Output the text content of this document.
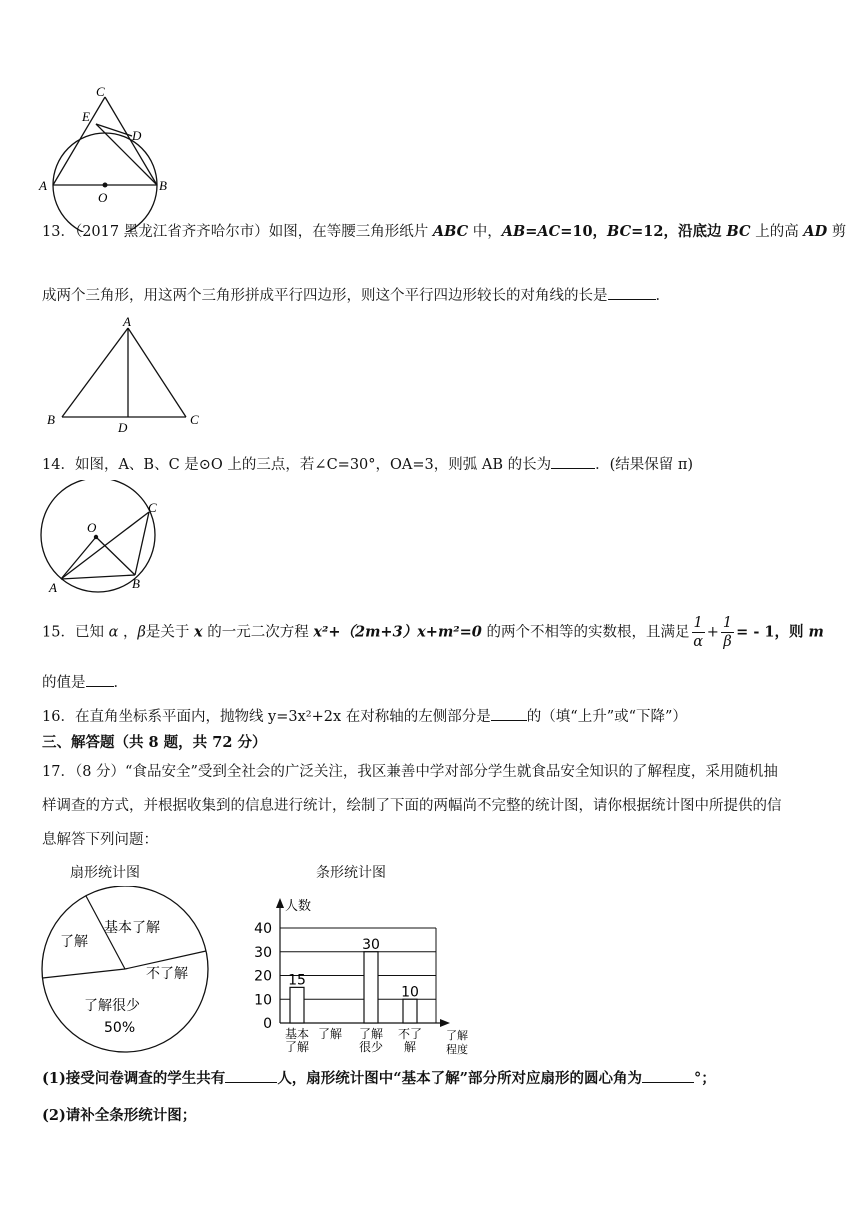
C
E
D
A	B
O
13．（2017 黑龙江省齐齐哈尔市）如图，在等腰三角形纸片 ABC 中，AB=AC=10，BC=12，沿底边 BC 上的高 AD 剪
成两个三角形，用这两个三角形拼成平行四边形，则这个平行四边形较长的对角线的长是	．
A
B	C
D
14．如图，A、B、C 是⊙O 上的三点，若∠C=30°，OA=3，则弧 AB 的长为	．(结果保留 π)
O
C
A	B
15．已知 α ，β是关于 x 的一元二次方程 x²+（2m+3）x+m²=0 的两个不相等的实数根，且满足 $\frac{1}{\alpha} + \frac{1}{\beta}$ = - 1，则 m
的值是 ．
16．在直角坐标系平面内，抛物线 y=3x²+2x 在对称轴的左侧部分是 的（填“上升”或“下降”）
三、解答题（共 8 题，共 72 分）
17．（8 分）“食品安全”受到全社会的广泛关注，我区兼善中学对部分学生就食品安全知识的了解程度，采用随机抽
样调查的方式，并根据收集到的信息进行统计，绘制了下面的两幅尚不完整的统计图，请你根据统计图中所提供的信
息解答下列问题：
扇形统计图	条形统计图
基本了解
了解
不了解
了解很少
50%	0
10
20
30
40
15
30
10
基本
了解
了解 了解
很少
不了
解
人数
了解
程度
(1)接受问卷调查的学生共有	人，扇形统计图中“基本了解”部分所对应扇形的圆心角为	°；
(2)请补全条形统计图；
